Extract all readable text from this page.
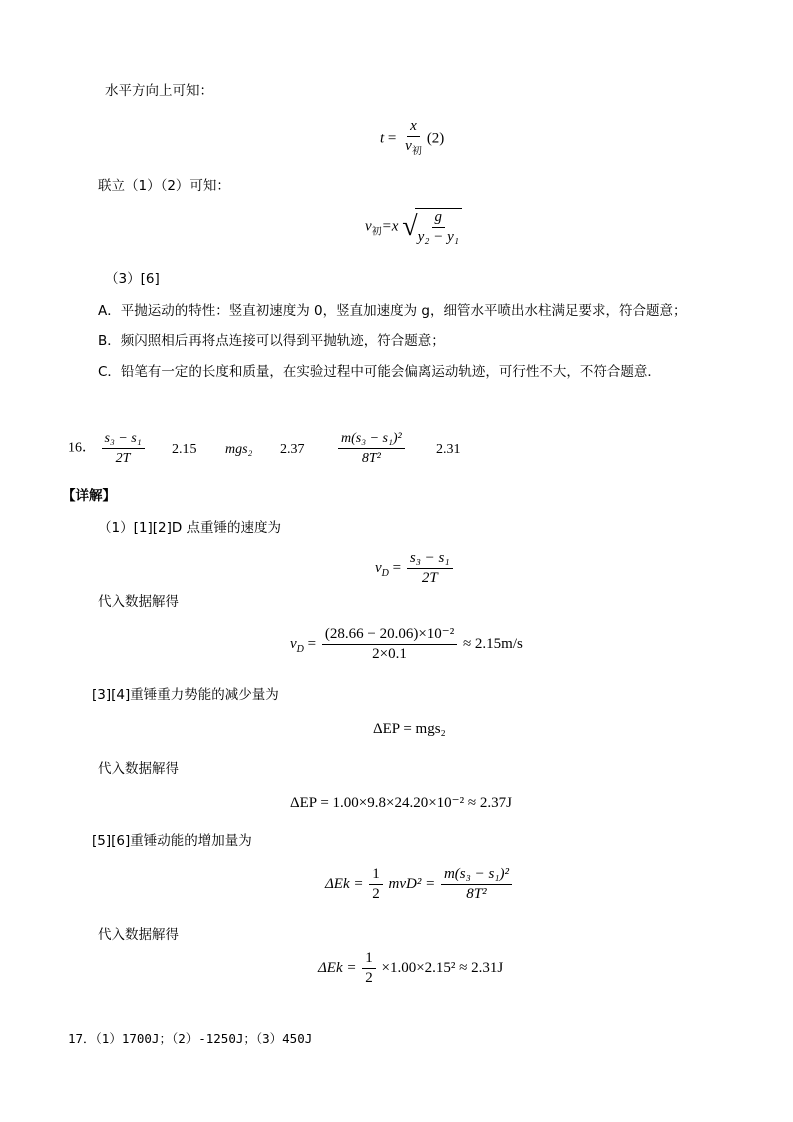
水平方向上可知：
$t = \frac{x}{v_初} (2)$
联立（1）（2）可知：
$v_初=x$ √
$\frac{g}{\text{y₂ − y₁}}$
（3）[6]
A．平抛运动的特性：竖直初速度为 0，竖直加速度为 g，细管水平喷出水柱满足要求，符合题意；
B．频闪照相后再将点连接可以得到平抛轨迹，符合题意；
C．铅笔有一定的长度和质量，在实验过程中可能会偏离运动轨迹，可行性不大，不符合题意．
16． $\frac{\text{s₃ − s₁}}{2T} 2.15$ mgs₂ $2.37 \frac{\text{m(s₃ − s₁)²}}{\text{8T²}} 2.31$
【详解】
（1）[1][2]D 点重锤的速度为
$v_D = \frac{\text{s₃ − s₁}}{2T}$
代入数据解得
$v_D = \frac{\text{(28.66 − 20.06)×10⁻²}}{2\times 0.1} \approx 2.15m/s$
[3][4]重锤重力势能的减少量为
ΔEP = mgs₂
代入数据解得
ΔEP = 1.00×9.8×24.20×10⁻² ≈ 2.37J
[5][6]重锤动能的增加量为
$\Delta Ek = \frac{1}{2} mvD^2 = \frac{\text{m(s₃ − s₁)²}}{\text{8T²}}$
代入数据解得
$\Delta Ek = \frac{1}{2} \times 1.00\times 2.15^2 \approx 2.31J$
17．（1）1700J；（2）-1250J；（3）450J
